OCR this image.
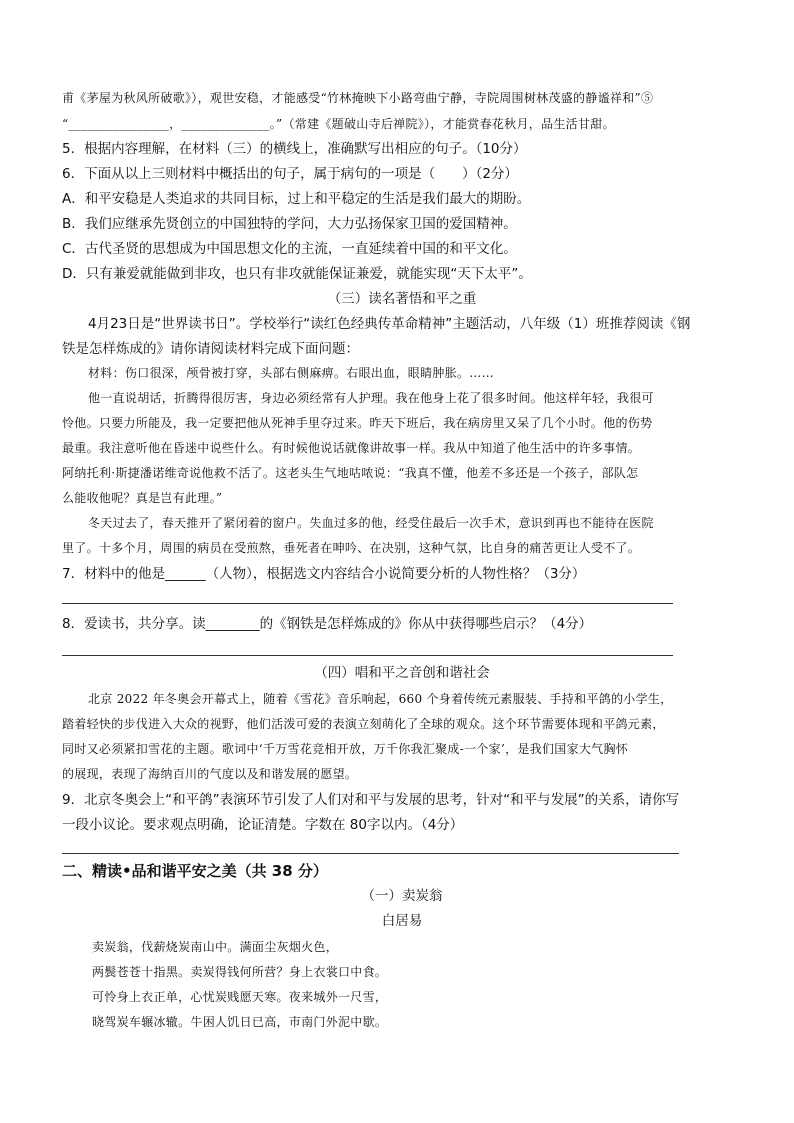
甫《茅屋为秋风所破歌》），观世安稳，才能感受“竹林掩映下小路弯曲宁静，寺院周围树林茂盛的静谧祥和”⑤
“________________，______________。”（常建《题破山寺后禅院》），才能赏春花秋月，品生活甘甜。
5．根据内容理解，在材料（三）的横线上，准确默写出相应的句子。（10分）
6．下面从以上三则材料中概括出的句子，属于病句的一项是（　　）（2分）
A．和平安稳是人类追求的共同目标，过上和平稳定的生活是我们最大的期盼。
B．我们应继承先贤创立的中国独特的学问，大力弘扬保家卫国的爱国精神。
C．古代圣贤的思想成为中国思想文化的主流，一直延续着中国的和平文化。
D．只有兼爱就能做到非攻，也只有非攻就能保证兼爱，就能实现“天下太平”。
（三）读名著悟和平之重
4月23日是“世界读书日”。学校举行“读红色经典传革命精神”主题活动，八年级（1）班推荐阅读《钢
铁是怎样炼成的》请你请阅读材料完成下面问题：
材料：伤口很深，颅骨被打穿，头部右侧麻痹。右眼出血，眼睛肿胀。……
他一直说胡话，折腾得很厉害，身边必须经常有人护理。我在他身上花了很多时间。他这样年轻，我很可
怜他。只要力所能及，我一定要把他从死神手里夺过来。昨天下班后，我在病房里又呆了几个小时。他的伤势
最重。我注意听他在昏迷中说些什么。有时候他说话就像讲故事一样。我从中知道了他生活中的许多事情。
阿纳托利·斯捷潘诺维奇说他救不活了。这老头生气地咕哝说：“我真不懂，他差不多还是一个孩子，部队怎
么能收他呢？真是岂有此理。”
冬天过去了，春天推开了紧闭着的窗户。失血过多的他，经受住最后一次手术，意识到再也不能待在医院
里了。十多个月，周围的病员在受煎熬，垂死者在呻吟、在决别，这种气氛，比自身的痛苦更让人受不了。
7．材料中的他是______（人物），根据选文内容结合小说简要分析的人物性格？（3分）
8．爱读书，共分享。读________的《钢铁是怎样炼成的》你从中获得哪些启示？（4分）
（四）唱和平之音创和谐社会
北京 2022 年冬奥会开幕式上，随着《雪花》音乐响起，660 个身着传统元素服装、手持和平鸽的小学生，
踏着轻快的步伐进入大众的视野，他们活泼可爱的表演立刻萌化了全球的观众。这个环节需要体现和平鸽元素，
同时又必须紧扣雪花的主题。歌词中‘千万雪花竞相开放，万千你我汇聚成-一个家’，是我们国家大气胸怀
的展现，表现了海纳百川的气度以及和谐发展的愿望。
9．北京冬奥会上“和平鸽”表演环节引发了人们对和平与发展的思考，针对“和平与发展”的关系，请你写
一段小议论。要求观点明确，论证清楚。字数在 80字以内。（4分）
二、精读•品和谐平安之美（共 38 分）
（一）卖炭翁
白居易
卖炭翁，伐薪烧炭南山中。满面尘灰烟火色，
两鬓苍苍十指黑。卖炭得钱何所营？身上衣裳口中食。
可怜身上衣正单，心忧炭贱愿天寒。夜来城外一尺雪，
晓驾炭车辗冰辙。牛困人饥日已高，市南门外泥中歇。
